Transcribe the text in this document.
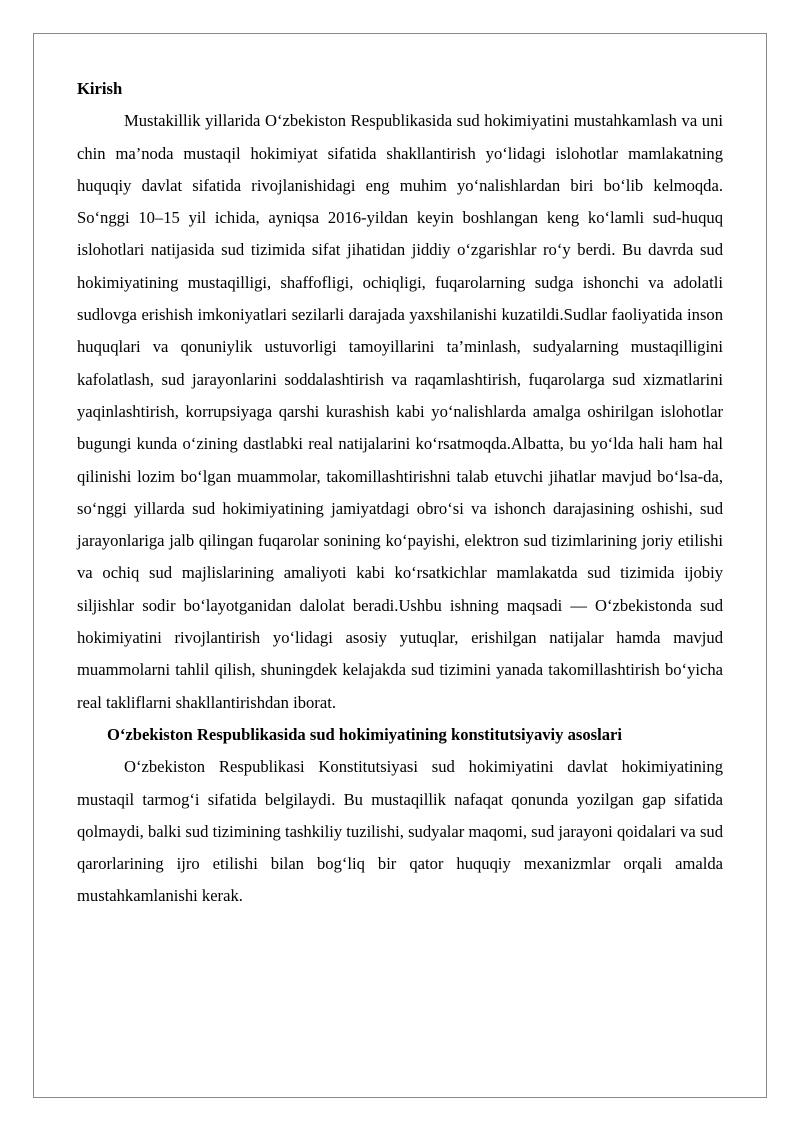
Kirish

Mustakillik yillarida O‘zbekiston Respublikasida sud hokimiyatini mustahkamlash va uni chin ma’noda mustaqil hokimiyat sifatida shakllantirish yo‘lidagi islohotlar mamlakatning huquqiy davlat sifatida rivojlanishidagi eng muhim yo‘nalishlardan biri bo‘lib kelmoqda. So‘nggi 10–15 yil ichida, ayniqsa 2016-yildan keyin boshlangan keng ko‘lamli sud-huquq islohotlari natijasida sud tizimida sifat jihatidan jiddiy o‘zgarishlar ro‘y berdi. Bu davrda sud hokimiyatining mustaqilligi, shaffofligi, ochiqligi, fuqarolarning sudga ishonchi va adolatli sudlovga erishish imkoniyatlari sezilarli darajada yaxshilanishi kuzatildi.Sudlar faoliyatida inson huquqlari va qonuniylik ustuvorligi tamoyillarini ta’minlash, sudyalarning mustaqilligini kafolatlash, sud jarayonlarini soddalashtirish va raqamlashtirish, fuqarolarga sud xizmatlarini yaqinlashtirish, korrupsiyaga qarshi kurashish kabi yo‘nalishlarda amalga oshirilgan islohotlar bugungi kunda o‘zining dastlabki real natijalarini ko‘rsatmoqda.Albatta, bu yo‘lda hali ham hal qilinishi lozim bo‘lgan muammolar, takomillashtirishni talab etuvchi jihatlar mavjud bo‘lsa-da, so‘nggi yillarda sud hokimiyatining jamiyatdagi obro‘si va ishonch darajasining oshishi, sud jarayonlariga jalb qilingan fuqarolar sonining ko‘payishi, elektron sud tizimlarining joriy etilishi va ochiq sud majlislarining amaliyoti kabi ko‘rsatkichlar mamlakatda sud tizimida ijobiy siljishlar sodir bo‘layotganidan dalolat beradi.Ushbu ishning maqsadi — O‘zbekistonda sud hokimiyatini rivojlantirish yo‘lidagi asosiy yutuqlar, erishilgan natijalar hamda mavjud muammolarni tahlil qilish, shuningdek kelajakda sud tizimini yanada takomillashtirish bo‘yicha real takliflarni shakllantirishdan iborat.

O‘zbekiston Respublikasida sud hokimiyatining konstitutsiyaviy asoslari

O‘zbekiston Respublikasi Konstitutsiyasi sud hokimiyatini davlat hokimiyatining mustaqil tarmog‘i sifatida belgilaydi. Bu mustaqillik nafaqat qonunda yozilgan gap sifatida qolmaydi, balki sud tizimining tashkiliy tuzilishi, sudyalar maqomi, sud jarayoni qoidalari va sud qarorlarining ijro etilishi bilan bog‘liq bir qator huquqiy mexanizmlar orqali amalda mustahkamlanishi kerak.
